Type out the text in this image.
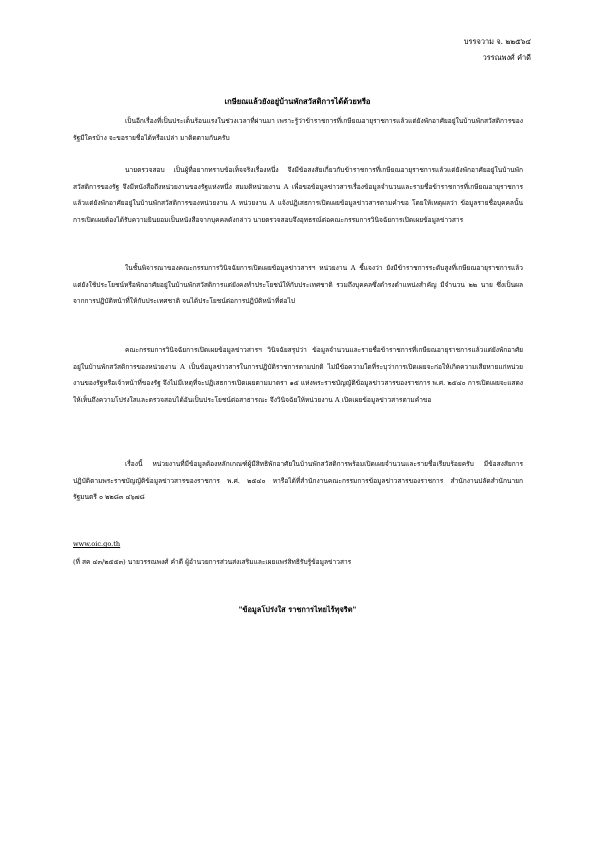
บรรจวาม จ. ๒๒๕๖๔
วรรณพงศ์ คำดี
เกษียณแล้วยังอยู่บ้านพักสวัสดิการได้ด้วยหรือ

เป็นอีกเรื่องที่เป็นประเด็นร้อนแรงในช่วงเวลาที่ผ่านมา เพราะรู้ว่าข้าราชการที่เกษียณอายุราชการแล้วแต่ยังพักอาศัยอยู่ในบ้านพักสวัสดิการของรัฐมีใครบ้าง จะขอรายชื่อได้หรือเปล่า มาติดตามกันครับ

นายตรวจสอบ เป็นผู้ที่อยากทราบข้อเท็จจริงเรื่องหนึ่ง จึงมีข้อสงสัยเกี่ยวกับข้าราชการที่เกษียณอายุราชการแล้วแต่ยังพักอาศัยอยู่ในบ้านพักสวัสดิการของรัฐ จึงมีหนังสือถึงหน่วยงานของรัฐแห่งหนึ่ง สมมติหน่วยงาน A เพื่อขอข้อมูลข่าวสารเรื่องข้อมูลจำนวนและรายชื่อข้าราชการที่เกษียณอายุราชการแล้วแต่ยังพักอาศัยอยู่ในบ้านพักสวัสดิการของหน่วยงาน A หน่วยงาน A แจ้งปฏิเสธการเปิดเผยข้อมูลข่าวสารตามคำขอ โดยให้เหตุผลว่า ข้อมูลรายชื่อบุคคลนั้น การเปิดเผยต้องได้รับความยินยอมเป็นหนังสือจากบุคคลดังกล่าว นายตรวจสอบจึงอุทธรณ์ต่อคณะกรรมการวินิจฉัยการเปิดเผยข้อมูลข่าวสาร

ในชั้นพิจารณาของคณะกรรมการวินิจฉัยการเปิดเผยข้อมูลข่าวสารฯ หน่วยงาน A ชี้แจงว่า ยังมีข้าราชการระดับสูงที่เกษียณอายุราชการแล้วแต่ยังใช้ประโยชน์หรือพักอาศัยอยู่ในบ้านพักสวัสดิการแต่ยังคงทำประโยชน์ให้กับประเทศชาติ รวมถึงบุคคลซึ่งดำรงตำแหน่งสำคัญ มีจำนวน ๒๒ นาย ซึ่งเป็นผลจากการปฏิบัติหน้าที่ให้กับประเทศชาติ จนได้ประโยชน์ต่อการปฏิบัติหน้าที่ต่อไป

คณะกรรมการวินิจฉัยการเปิดเผยข้อมูลข่าวสารฯ วินิจฉัยสรุปว่า ข้อมูลจำนวนและรายชื่อข้าราชการที่เกษียณอายุราชการแล้วแต่ยังพักอาศัยอยู่ในบ้านพักสวัสดิการของหน่วยงาน A เป็นข้อมูลข่าวสารในการปฏิบัติราชการตามปกติ ไม่มีข้อความใดที่ระบุว่าการเปิดเผยจะก่อให้เกิดความเสียหายแก่หน่วยงานของรัฐหรือเจ้าหน้าที่ของรัฐ จึงไม่มีเหตุที่จะปฏิเสธการเปิดเผยตามมาตรา ๑๕ แห่งพระราชบัญญัติข้อมูลข่าวสารของราชการ พ.ศ. ๒๕๔๐ การเปิดเผยจะแสดงให้เห็นถึงความโปร่งใสและตรวจสอบได้อันเป็นประโยชน์ต่อสาธารณะ จึงวินิจฉัยให้หน่วยงาน A เปิดเผยข้อมูลข่าวสารตามคำขอ

เรื่องนี้ หน่วยงานที่มีข้อมูลต้องหลักเกณฑ์ผู้มีสิทธิพักอาศัยในบ้านพักสวัสดิการพร้อมเปิดเผยจำนวนและรายชื่อเรียบร้อยครับ มีข้อสงสัยการปฏิบัติตามพระราชบัญญัติข้อมูลข่าวสารของราชการ พ.ศ. ๒๕๔๐ หารือได้ที่สำนักงานคณะกรรมการข้อมูลข่าวสารของราชการ สำนักงานปลัดสำนักนายกรัฐมนตรี ๐ ๒๒๘๓ ๔๖๗๘

www.oic.go.th
(ที่ สค ๔๓/๒๕๕๓) นายวรรณพงศ์ คำดี ผู้อำนวยการส่วนส่งเสริมและเผยแพร่สิทธิรับรู้ข้อมูลข่าวสาร
"ข้อมูลโปร่งใส ราชการไทยไร้ทุจริต"
